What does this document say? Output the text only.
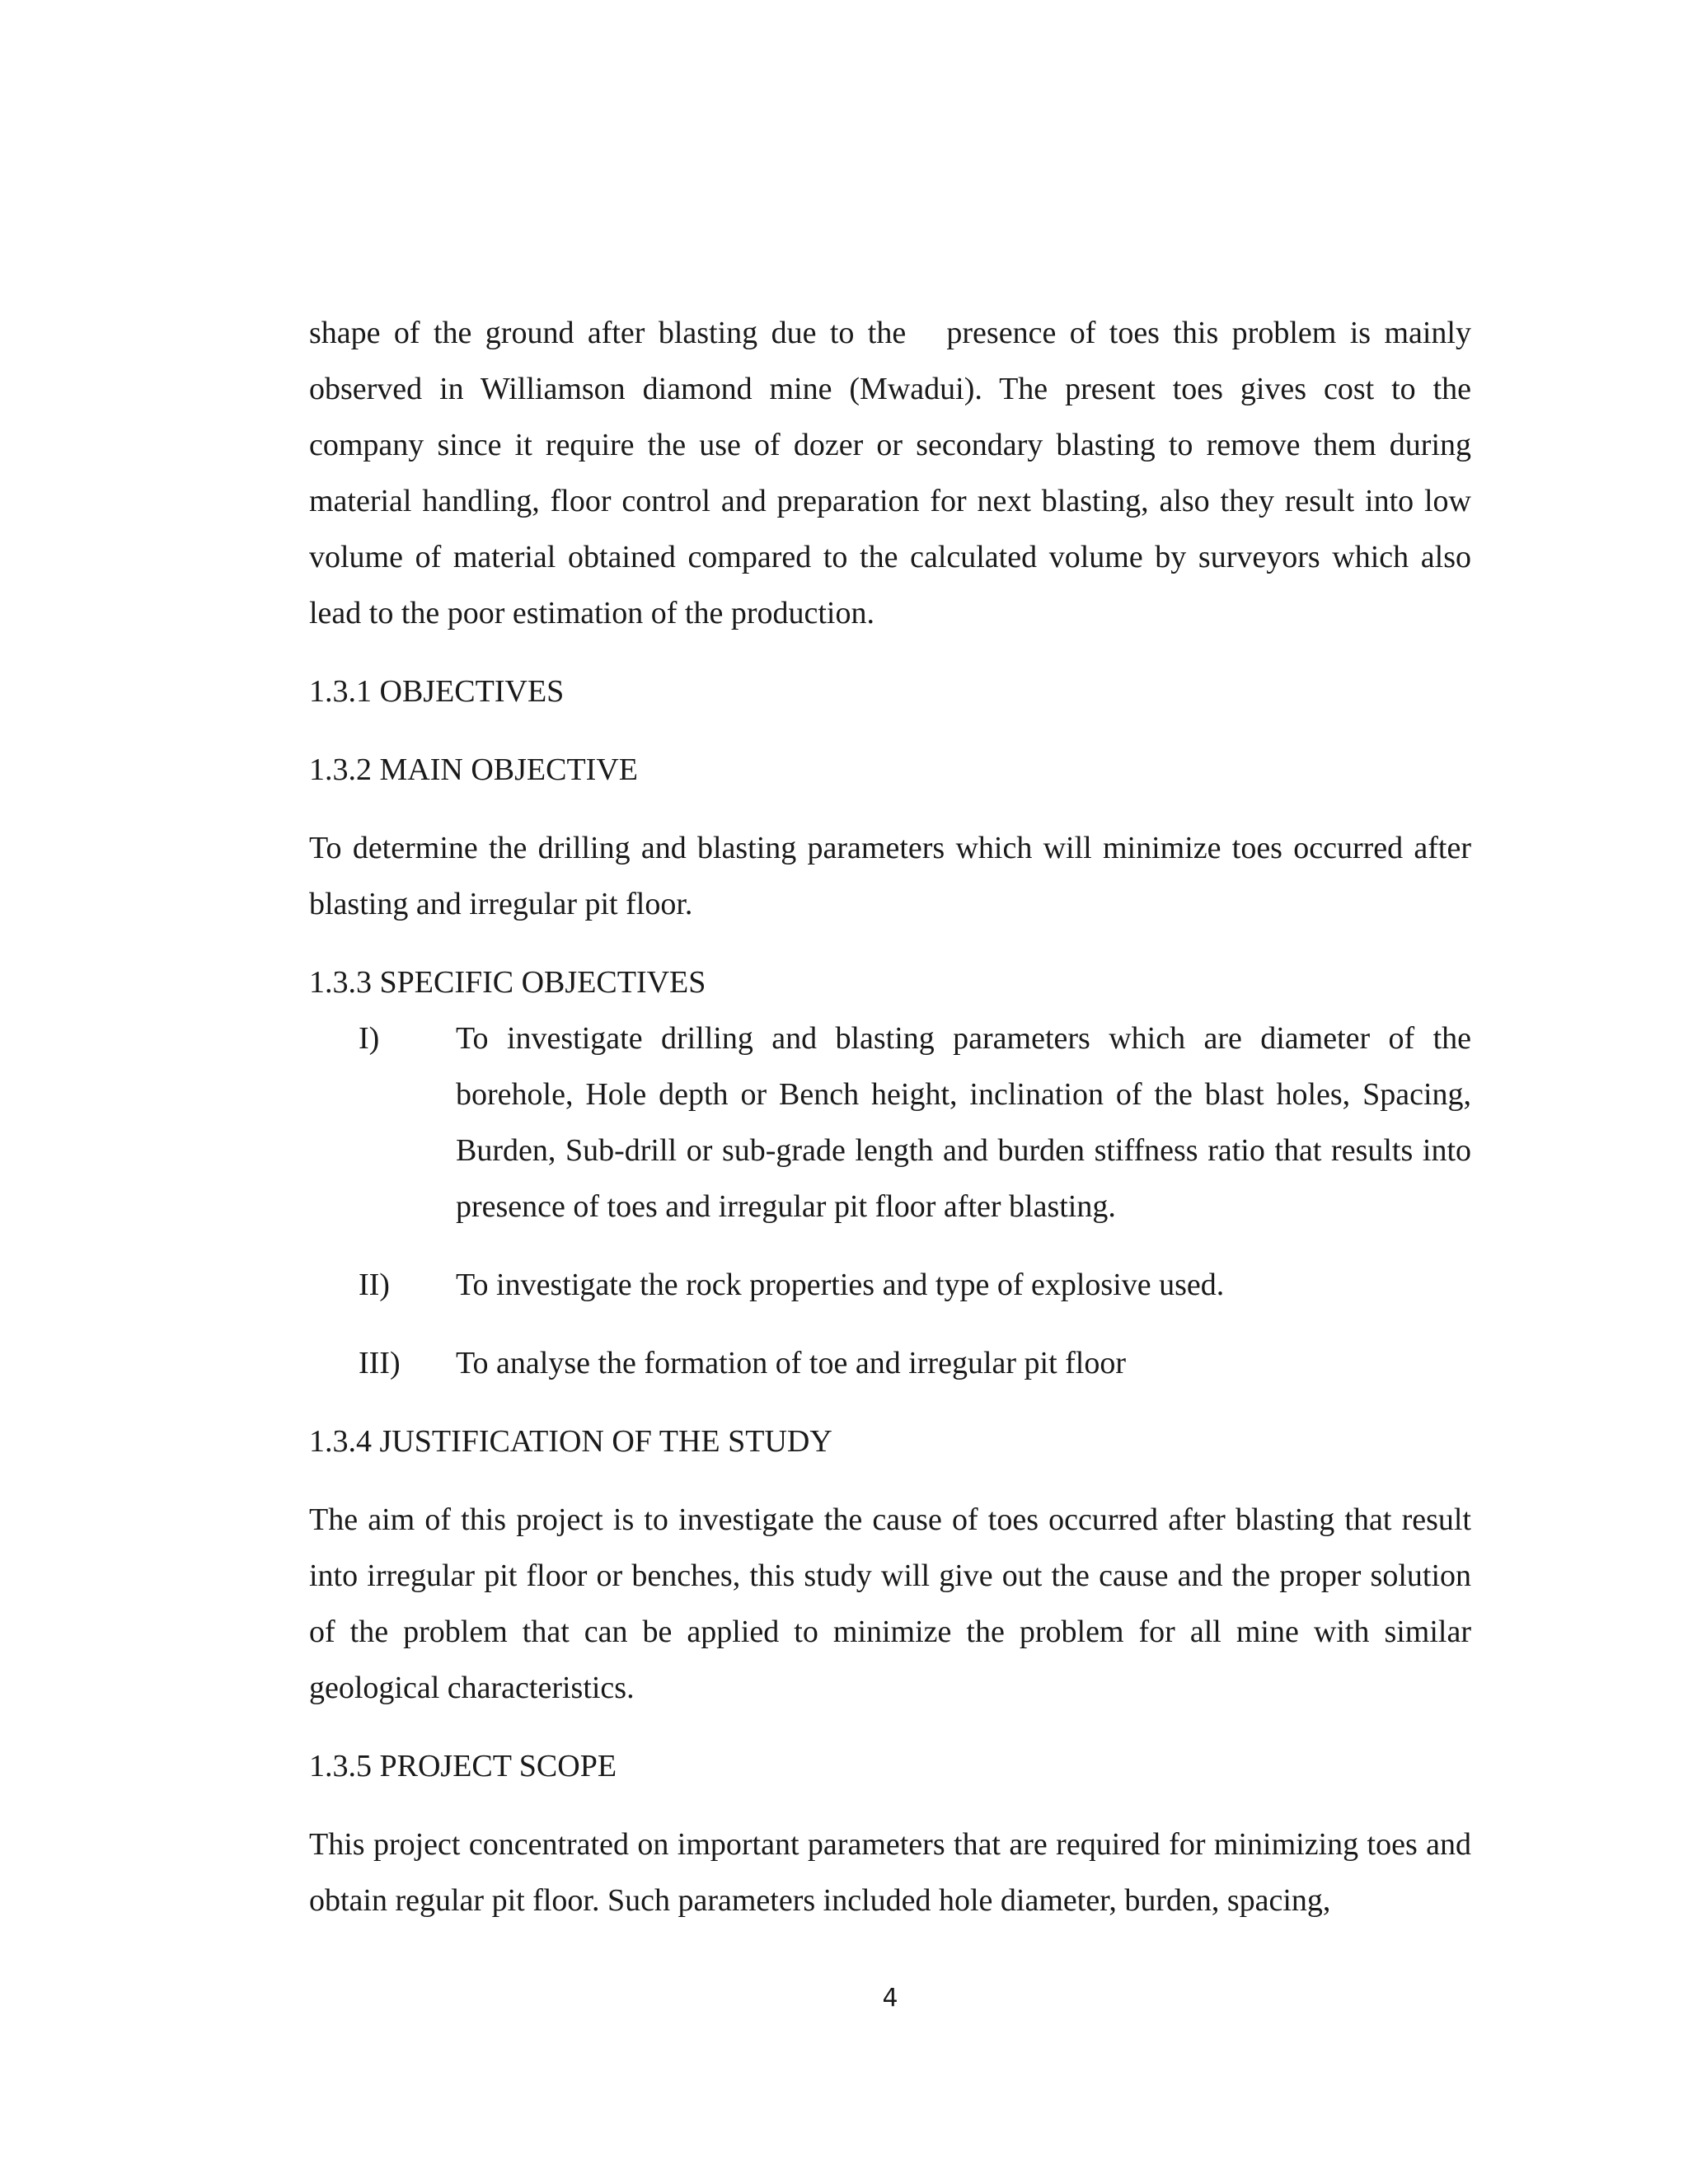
shape of the ground after blasting due to the   presence of toes this problem is mainly observed in Williamson diamond mine (Mwadui). The present toes gives cost to the company since it require the use of dozer or secondary blasting to remove them during material handling, floor control and preparation for next blasting, also they result into low volume of material obtained compared to the calculated volume by surveyors which also lead to the poor estimation of the production.

1.3.1 OBJECTIVES

1.3.2 MAIN OBJECTIVE

To determine the drilling and blasting parameters which will minimize toes occurred after blasting and irregular pit floor.

1.3.3 SPECIFIC OBJECTIVES

I)	To investigate drilling and blasting parameters which are diameter of the borehole, Hole depth or Bench height, inclination of the blast holes, Spacing, Burden, Sub-drill or sub-grade length and burden stiffness ratio that results into presence of toes and irregular pit floor after blasting.
II)	To investigate the rock properties and type of explosive used.
III)	To analyse the formation of toe and irregular pit floor

1.3.4 JUSTIFICATION OF THE STUDY

The aim of this project is to investigate the cause of toes occurred after blasting that result into irregular pit floor or benches, this study will give out the cause and the proper solution of the problem that can be applied to minimize the problem for all mine with similar geological characteristics.

1.3.5 PROJECT SCOPE

This project concentrated on important parameters that are required for minimizing toes and obtain regular pit floor. Such parameters included hole diameter, burden, spacing,

4
